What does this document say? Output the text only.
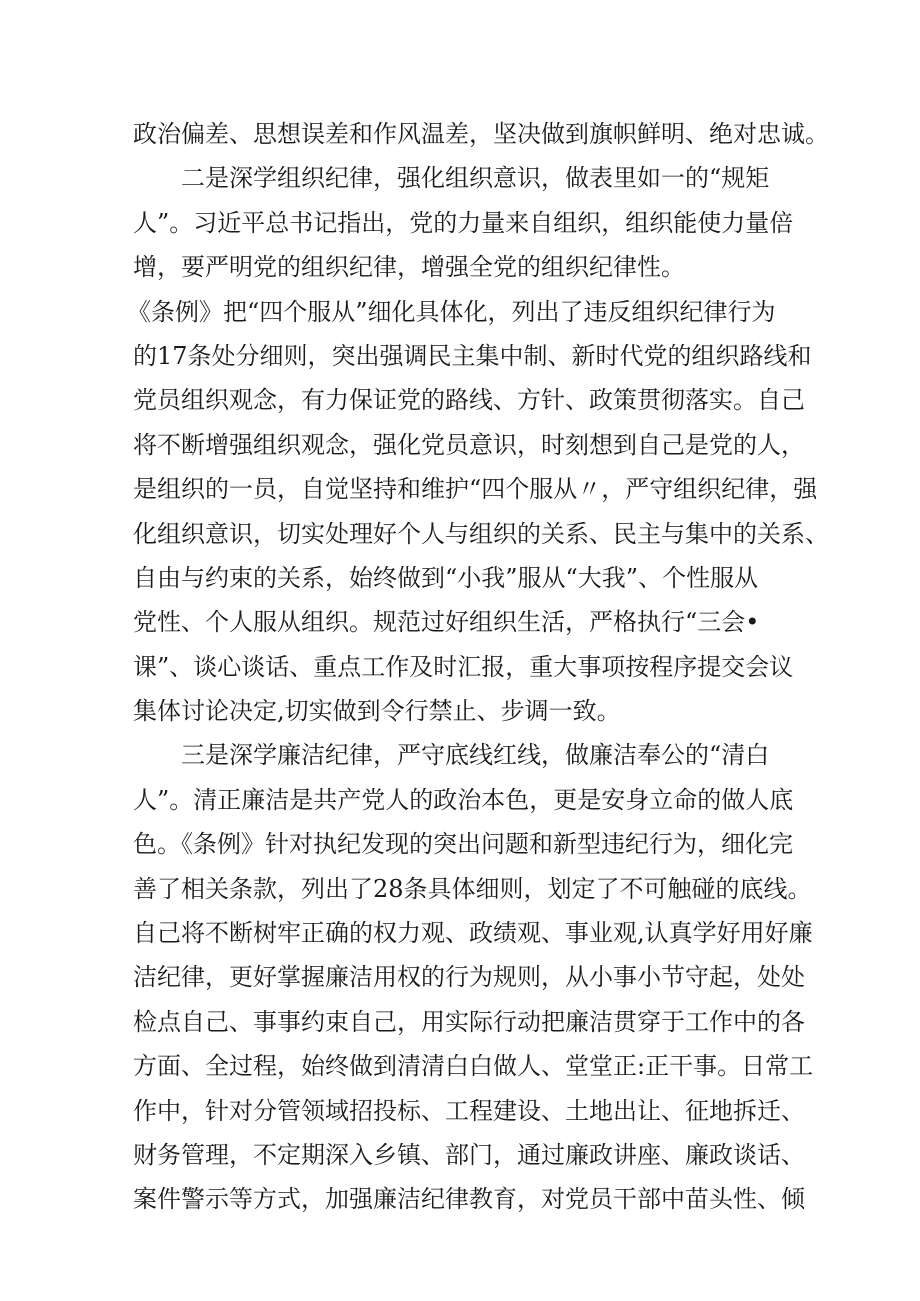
政治偏差、思想误差和作风温差，坚决做到旗帜鲜明、绝对忠诚。
二是深学组织纪律，强化组织意识，做表里如一的“规矩
人”。习近平总书记指出，党的力量来自组织，组织能使力量倍
增，要严明党的组织纪律，增强全党的组织纪律性。
《条例》把“四个服从”细化具体化，列出了违反组织纪律行为
的17条处分细则，突出强调民主集中制、新时代党的组织路线和
党员组织观念，有力保证党的路线、方针、政策贯彻落实。自己
将不断增强组织观念，强化党员意识，时刻想到自己是党的人，
是组织的一员，自觉坚持和维护“四个服从〃，严守组织纪律，强
化组织意识，切实处理好个人与组织的关系、民主与集中的关系、
自由与约束的关系，始终做到“小我”服从“大我”、个性服从
党性、个人服从组织。规范过好组织生活，严格执行“三会•
课”、谈心谈话、重点工作及时汇报，重大事项按程序提交会议
集体讨论决定,切实做到令行禁止、步调一致。
三是深学廉洁纪律，严守底线红线，做廉洁奉公的“清白
人”。清正廉洁是共产党人的政治本色，更是安身立命的做人底
色。《条例》针对执纪发现的突出问题和新型违纪行为，细化完
善了相关条款，列出了28条具体细则，划定了不可触碰的底线。
自己将不断树牢正确的权力观、政绩观、事业观,认真学好用好廉
洁纪律，更好掌握廉洁用权的行为规则，从小事小节守起，处处
检点自己、事事约束自己，用实际行动把廉洁贯穿于工作中的各
方面、全过程，始终做到清清白白做人、堂堂正:正干事。日常工
作中，针对分管领域招投标、工程建设、土地出让、征地拆迁、
财务管理，不定期深入乡镇、部门，通过廉政讲座、廉政谈话、
案件警示等方式，加强廉洁纪律教育，对党员干部中苗头性、倾
